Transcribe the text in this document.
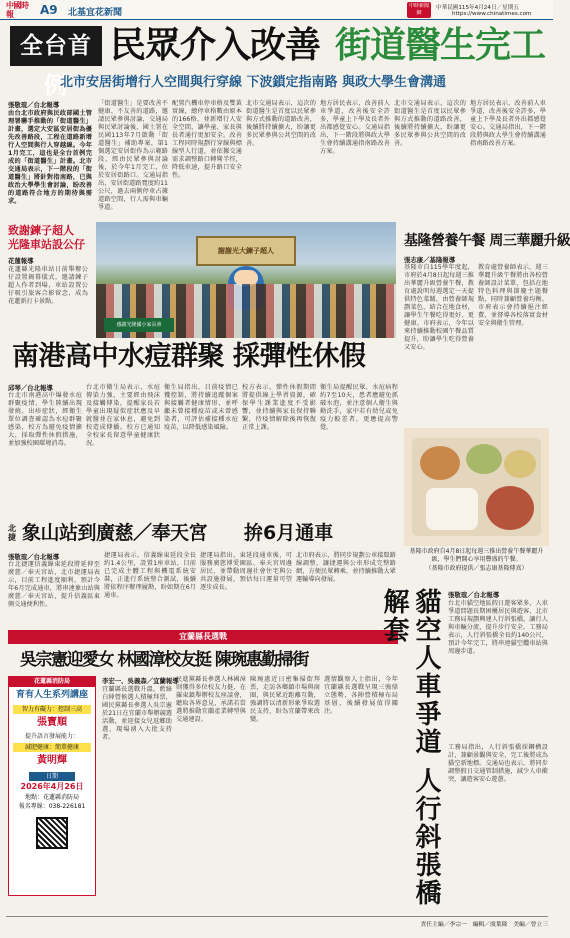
中國時報	A9 北基宜花新聞
中時新聞網
中華民國115年4月24日／星期五
https://www.chinatimes.com
全台首例
民眾介入改善 街道醫生完工
北市安居街增行人空間與行穿線 下波鎖定指南路 與政大學生會溝通
張敬瑄／台北報導
由台北市政府與民政部國土管理署聯手推動的「街道醫生」計畫，選定大安區安居街為優先改善路段，工程在道路新增行人空間與行人穿越線。今年1月完工，這也是全台首例完成的「街道醫生」計畫。北市交通局表示，下一階段的「街道醫生」將針對指南路，已與政治大學學生會討論，盼改善的道路符合地方的期待與需求。
「街道醫生」是要改善不健康、不友善的道路，邀請民眾參與討論，交通局與民眾討論後，國土署在民國113年7月啟動「街道醫生」補助專案，第1個選定安居街作為示範路段，經由民眾參與討論後，於今年1月完工，位於安居街路口。交通局指出，安居街道路寬度約11公尺，過去兩側停車占據道路空間，行人需與車輛爭道。
配置汽機車停車格及雙黃實線，總停車格數由原本的166格，並新增行人安全空間，讓學童、家長與長者通行更加安全。改善工程同時規劃行穿線與標線型人行道，並依據交通需求調整路口轉彎半徑，降低車速，提升路口安全性。
北市交通局表示，這次的街道醫生是首度以民眾參與方式推動的道路改善，後續將持續擴大，盼讓更多民眾參與公共空間的改善。
地方居民表示，改善前人車爭道，改善後安全許多，學童上下學及長者外出都感覺安心。交通局指出，下一階段將與政大學生會持續溝通指南路改善方案。
北市交通局表示，這次的街道醫生是首度以民眾參與方式推動的道路改善，後續將持續擴大，盼讓更多民眾參與公共空間的改善。
地方居民表示，改善前人車爭道，改善後安全許多，學童上下學及長者外出都感覺安心。交通局指出，下一階段將與政大學生會持續溝通指南路改善方案。
致謝鍊子超人 光隆車站設公仔
花蓮報導
花蓮縣光隆車站日前舉辦公仔設置揭幕儀式，邀請鍊子超人作者到場，車站設置公仔吸引旅客合影留念，成為花蓮新打卡景點。
謝謝光大鍊子超人
感謝光隆國小家長會
基隆營養午餐 周三華麗升級
張志康／基隆報導
基隆市自115學年度起，市府於4月8日起每週三推出華麗升級營養午餐，教育處說明每週選定一天提供特色菜餚，由營養師規劃菜色，結合在地食材，讓學生午餐吃得更好、更健康。市府表示，今年以來持續推動校園午餐品質提升，盼讓學生吃得營養又安心。
教育處營養師表示，週三華麗升級午餐將由各校營養師設計菜單，包括在地特色料理與節慶主題餐點，同時兼顧營養均衡。市府表示會持續挹注經費，並督導各校落實食材安全與衛生管理。
基隆市政府自4月8日起每週三推出營養午餐華麗升級，學生們開心享用豐盛的午餐。
（基隆市政府提供／張志康基隆傳真）
南港高中水痘群聚 採彈性休假
邱琴／台北報導
台北市南港高中爆發水痘群聚疫情，學生陸續出現發燒、出疹症狀，經衛生單位調查確認為水痘群聚感染，校方為避免疫情擴大，採取彈性休假措施，並加強校園環境消毒。
台北市衛生局表示，水痘傳染力強，主要經由飛沫及接觸傳染，提醒家長若學童出現疑似症狀應及早就醫並在家休息，避免到校造成傳播。校方已通知全校家長留意學童健康狀況。
衛生局指出，目前疫情已獲控制，將持續追蹤個案與接觸者健康情形，並呼籲未曾接種疫苗或未曾感染者，可評估補接種水痘疫苗，以降低感染風險。
校方表示，彈性休假期間將提供線上學習資源，確保學生課業進度不受影響，並持續與家長保持聯繫，待疫情解除後再恢復正常上課。
衛生局提醒民眾，水痘病程約7至10天，患者應避免抓破水泡，並注意個人衛生與勤洗手，家中若有幼兒或免疫力較差者，更應提高警覺。
北捷 象山站到廣慈／奉天宮 拚6月通車
張敬瑄／台北報導
台北捷運信義線東延段將延伸至廣慈／奉天宮站，北市捷運局表示，目前工程進度順利，預計今年6月完成通車，將串連象山站與廣慈／奉天宮站，提升信義區東側交通便利性。
捷運局表示，信義線東延段全長約1.4公里，設置1座車站，目前已完成主體工程與機電系統安裝，正進行系統整合測試，後續將依程序辦理履勘，盼如期在6月通車。
捷運局指出，東延段通車後，可服務廣慈博愛園區、奉天宮周邊居民，並帶動周邊社會住宅與公共設施發展，預估每日運量可望逐步成長。
北市府表示，將同步規劃公車接駁路線調整，讓捷運與公車形成完整路網，方便民眾轉乘，並持續推動大眾運輸導向發展。
宜蘭縣長選戰
吳宗憲迎愛女 林國漳校友挺 陳琬惠勤掃街
花蓮縣消防局
育有人生系列講座
智力有礙力：控制三高
張寶順
提升語言發展能力：
減肥健康：簡單健康
黃明輝
日期
2026年4月26日
地點：花蓮縣消防局
報名專線：038-226181
李宏一、吳義森／宜蘭報導
宜蘭縣長選戰升溫，藍綠白陣營候選人積極拜票，國民黨縣長參選人吳宗憲於21日在宜蘭市舉辦競選活動，並迎接女兒返鄉助選，現場湧入大批支持者。
民進黨縣長參選人林國漳則獲得多位校友力挺，在羅東鎮舉辦校友座談會，聽取各界意見，承諾若當選將推動宜蘭產業轉型與交通建設。
陳琬惠近日密集掃街拜票，走訪各鄉鎮市場與商圈，與民眾近距離互動，強調將以清新形象爭取選民支持，盼為宜蘭帶來改變。
選情觀察人士指出，今年宜蘭縣長選戰呈現三強鼎立態勢，各陣營積極布局基層，後續發展值得關注。	貓空人車爭道 人行斜張橋解套	張敬瑄／台北報導
台北市貓空地區假日遊客眾多，人車爭道問題長期困擾居民與遊客，北市工務局規劃興建人行斜張橋，讓行人與車輛分流，提升步行安全。工務局表示，人行斜張橋全長約140公尺，預計今年完工，將串連貓空纜車站與周邊步道。
工務局指出，人行斜張橋採鋼構設計，兼顧景觀與安全，完工後將成為貓空新地標。交通局也表示，將同步調整假日交通管制措施，減少人車衝突，讓遊客安心遊憩。
責任主編／李宗一　編輯／虞葉隆　美編／曾立三
